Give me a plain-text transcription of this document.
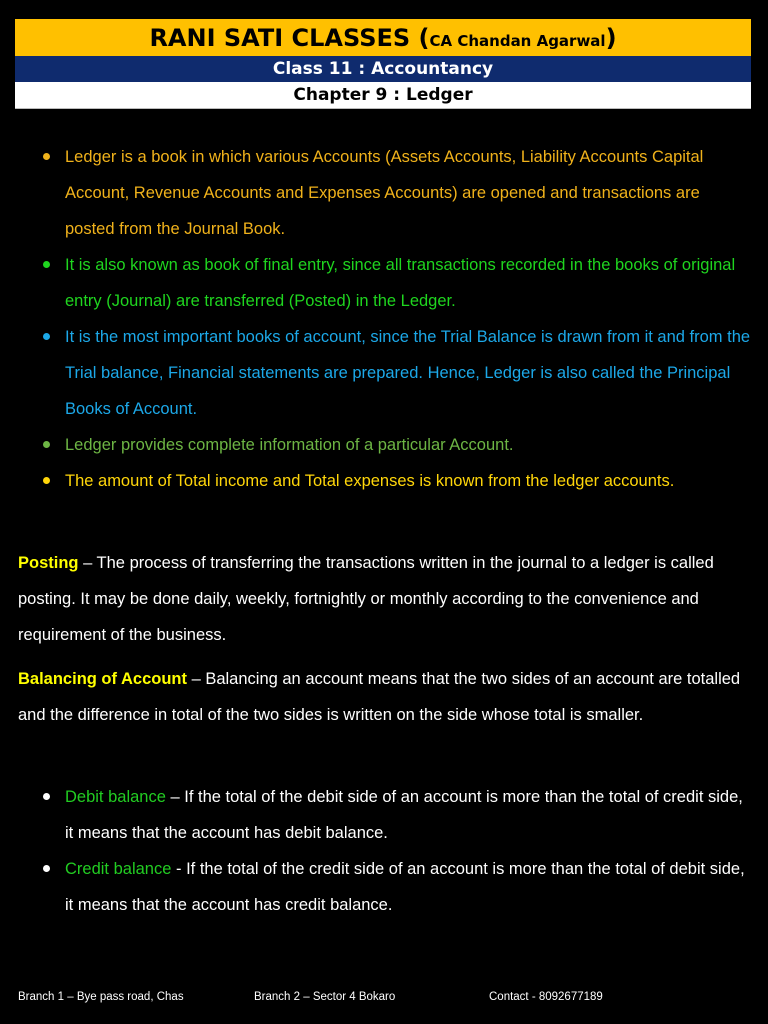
RANI SATI CLASSES (CA Chandan Agarwal)
Class 11 : Accountancy
Chapter 9 : Ledger
Ledger is a book in which various Accounts (Assets Accounts, Liability Accounts Capital Account, Revenue Accounts and Expenses Accounts) are opened and transactions are posted from the Journal Book.
It is also known as book of final entry, since all transactions recorded in the books of original entry (Journal) are transferred (Posted) in the Ledger.
It is the most important books of account, since the Trial Balance is drawn from it and from the Trial balance, Financial statements are prepared. Hence, Ledger is also called the Principal Books of Account.
Ledger provides complete information of a particular Account.
The amount of Total income and Total expenses is known from the ledger accounts.
Posting – The process of transferring the transactions written in the journal to a ledger is called posting. It may be done daily, weekly, fortnightly or monthly according to the convenience and requirement of the business.
Balancing of Account – Balancing an account means that the two sides of an account are totalled and the difference in total of the two sides is written on the side whose total is smaller.
Debit balance – If the total of the debit side of an account is more than the total of credit side, it means that the account has debit balance.
Credit balance - If the total of the credit side of an account is more than the total of debit side, it means that the account has credit balance.
Branch 1 – Bye pass road, Chas	Branch 2 – Sector 4 Bokaro	Contact - 8092677189
